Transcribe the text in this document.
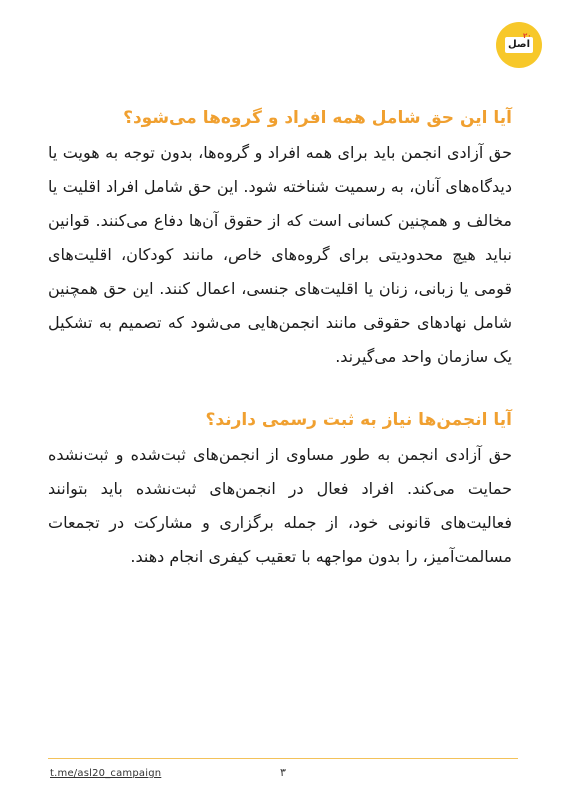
اصل
۲۰
آیا این حق شامل همه افراد و گروه‌ها می‌شود؟

حق آزادی انجمن باید برای همه افراد و گروه‌ها، بدون توجه به هویت یا دیدگاه‌های آنان، به رسمیت شناخته شود. این حق شامل افراد اقلیت یا مخالف و همچنین کسانی است که از حقوق آن‌ها دفاع می‌کنند. قوانین نباید هیچ محدودیتی برای گروه‌های خاص، مانند کودکان، اقلیت‌های قومی یا زبانی، زنان یا اقلیت‌های جنسی، اعمال کنند. این حق همچنین شامل نهادهای حقوقی مانند انجمن‌هایی می‌شود که تصمیم به تشکیل یک سازمان واحد می‌گیرند.

آیا انجمن‌ها نیاز به ثبت رسمی دارند؟

حق آزادی انجمن به طور مساوی از انجمن‌های ثبت‌شده و ثبت‌نشده حمایت می‌کند. افراد فعال در انجمن‌های ثبت‌نشده باید بتوانند فعالیت‌های قانونی خود، از جمله برگزاری و مشارکت در تجمعات مسالمت‌آمیز، را بدون مواجهه با تعقیب کیفری انجام دهند.

t.me/asl20_campaign	۳
